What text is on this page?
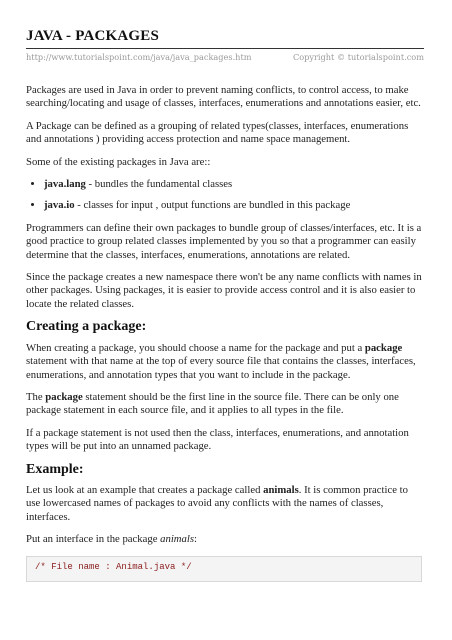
JAVA - PACKAGES
http://www.tutorialspoint.com/java/java_packages.htm	Copyright © tutorialspoint.com

Packages are used in Java in order to prevent naming conflicts, to control access, to make searching/locating and usage of classes, interfaces, enumerations and annotations easier, etc.

A Package can be defined as a grouping of related types(classes, interfaces, enumerations and annotations ) providing access protection and name space management.

Some of the existing packages in Java are::

• java.lang - bundles the fundamental classes
• java.io - classes for input , output functions are bundled in this package

Programmers can define their own packages to bundle group of classes/interfaces, etc. It is a good practice to group related classes implemented by you so that a programmer can easily determine that the classes, interfaces, enumerations, annotations are related.

Since the package creates a new namespace there won't be any name conflicts with names in other packages. Using packages, it is easier to provide access control and it is also easier to locate the related classes.

Creating a package:

When creating a package, you should choose a name for the package and put a package statement with that name at the top of every source file that contains the classes, interfaces, enumerations, and annotation types that you want to include in the package.

The package statement should be the first line in the source file. There can be only one package statement in each source file, and it applies to all types in the file.

If a package statement is not used then the class, interfaces, enumerations, and annotation types will be put into an unnamed package.

Example:

Let us look at an example that creates a package called animals. It is common practice to use lowercased names of packages to avoid any conflicts with the names of classes, interfaces.

Put an interface in the package animals:

/* File name : Animal.java */
